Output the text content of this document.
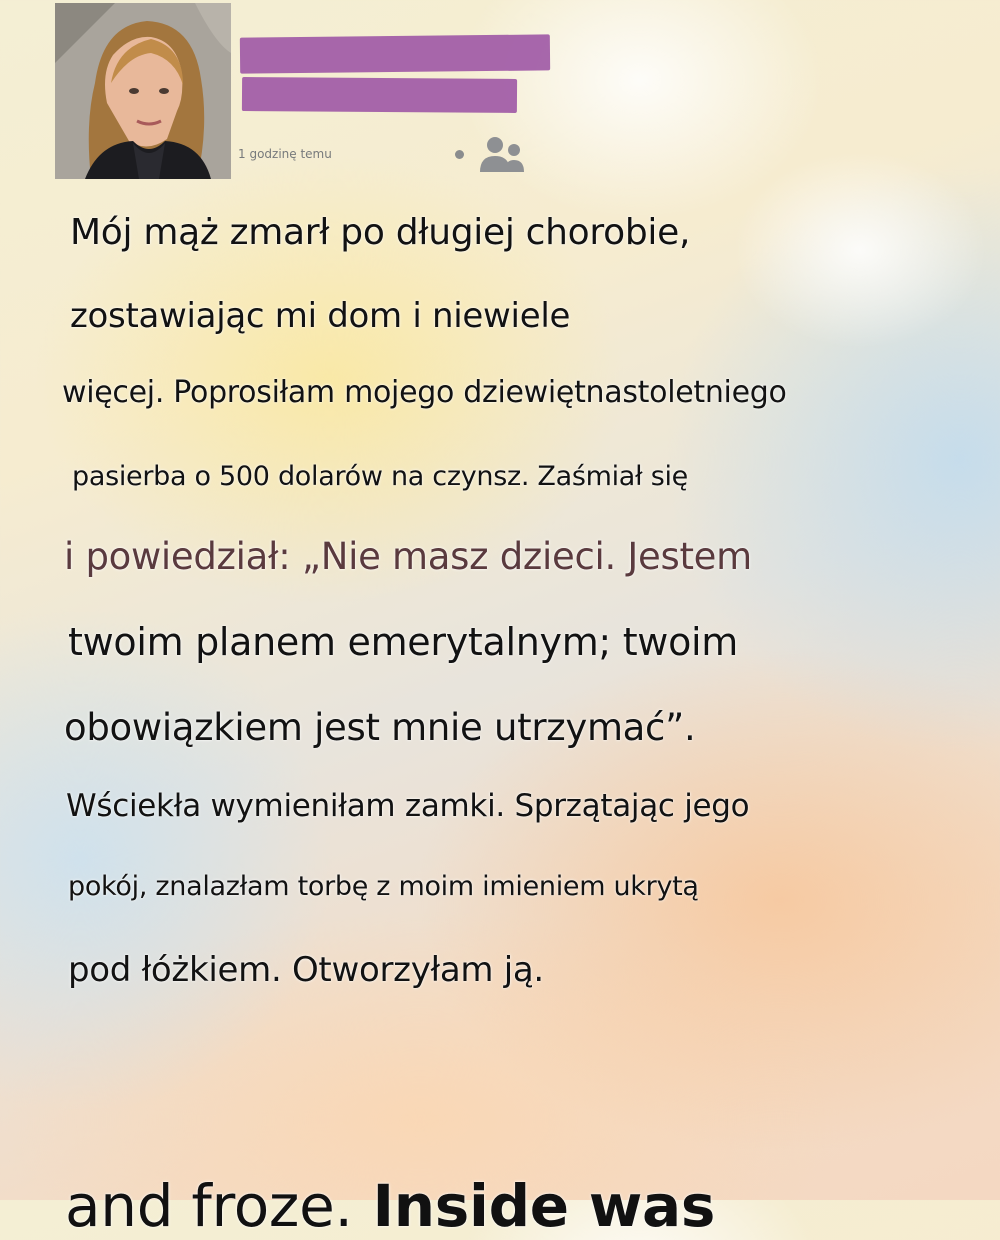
1 godzinę temu

Mój mąż zmarł po długiej chorobie,

zostawiając mi dom i niewiele

więcej. Poprosiłam mojego dziewiętnastoletniego

pasierba o 500 dolarów na czynsz. Zaśmiał się

i powiedział: „Nie masz dzieci. Jestem

twoim planem emerytalnym; twoim

obowiązkiem jest mnie utrzymać”.

Wściekła wymieniłam zamki. Sprzątając jego

pokój, znalazłam torbę z moim imieniem ukrytą

pod łóżkiem. Otworzyłam ją.

and froze. Inside was
